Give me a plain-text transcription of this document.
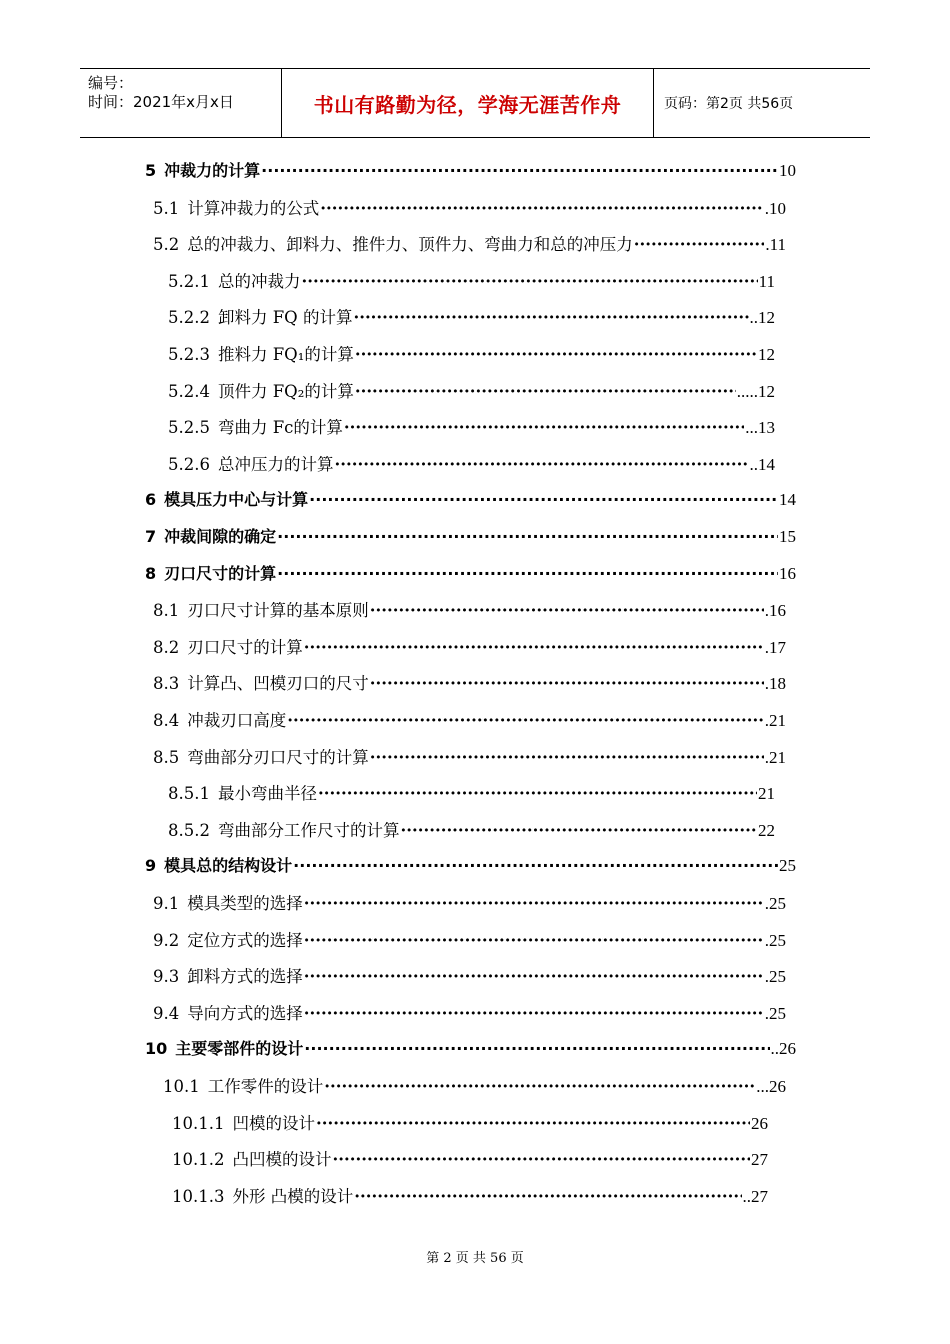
编号：
时间：2021年x月x日	书山有路勤为径，学海无涯苦作舟	页码：第2页 共56页
5 冲裁力的计算 ·····	10
5.1 计算冲裁力的公式 ·····	.10
5.2 总的冲裁力、卸料力、推件力、顶件力、弯曲力和总的冲压力 ·····	.11
5.2.1 总的冲裁力 ·····	11
5.2.2 卸料力 FQ 的计算 ·····	..12
5.2.3 推料力 FQ₁的计算 ·····	12
5.2.4 顶件力 FQ₂的计算 ·····	.....12
5.2.5 弯曲力 Fc的计算 ·····	...13
5.2.6 总冲压力的计算 ·····	..14
6 模具压力中心与计算 ·····	14
7 冲裁间隙的确定 ·····	15
8 刃口尺寸的计算 ·····	16
8.1 刃口尺寸计算的基本原则 ·····	.16
8.2 刃口尺寸的计算 ·····	.17
8.3 计算凸、凹模刃口的尺寸 ·····	.18
8.4 冲裁刃口高度 ·····	.21
8.5 弯曲部分刃口尺寸的计算 ·····	.21
8.5.1 最小弯曲半径 ·····	21
8.5.2 弯曲部分工作尺寸的计算 ·····	22
9 模具总的结构设计 ·····	25
9.1 模具类型的选择 ·····	.25
9.2 定位方式的选择 ·····	.25
9.3 卸料方式的选择 ·····	.25
9.4 导向方式的选择 ·····	.25
10 主要零部件的设计 ·····	..26
10.1 工作零件的设计 ·····	...26
10.1.1 凹模的设计 ·····	26
10.1.2 凸凹模的设计 ·····	27
10.1.3 外形 凸模的设计 ·····	..27
第 2 页 共 56 页
